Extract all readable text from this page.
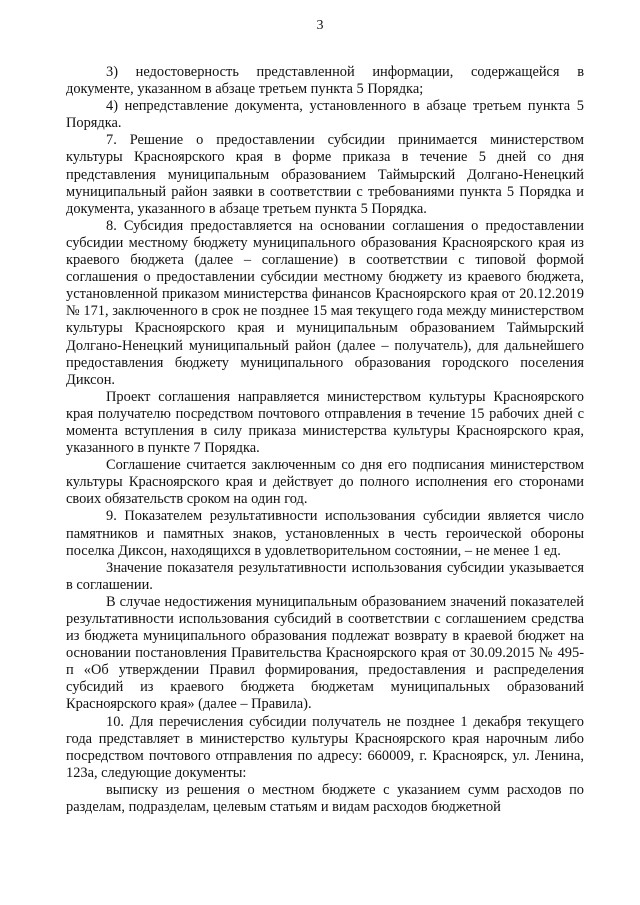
3

3) недостоверность представленной информации, содержащейся в документе, указанном в абзаце третьем пункта 5 Порядка;

4) непредставление документа, установленного в абзаце третьем пункта 5 Порядка.

7. Решение о предоставлении субсидии принимается министерством культуры Красноярского края в форме приказа в течение 5 дней со дня представления муниципальным образованием Таймырский Долгано-Ненецкий муниципальный район заявки в соответствии с требованиями пункта 5 Порядка и документа, указанного в абзаце третьем пункта 5 Порядка.

8. Субсидия предоставляется на основании соглашения о предоставлении субсидии местному бюджету муниципального образования Красноярского края из краевого бюджета (далее – соглашение) в соответствии с типовой формой соглашения о предоставлении субсидии местному бюджету из краевого бюджета, установленной приказом министерства финансов Красноярского края от 20.12.2019 № 171, заключенного в срок не позднее 15 мая текущего года между министерством культуры Красноярского края и муниципальным образованием Таймырский Долгано-Ненецкий муниципальный район (далее – получатель), для дальнейшего предоставления бюджету муниципального образования городского поселения Диксон.

Проект соглашения направляется министерством культуры Красноярского края получателю посредством почтового отправления в течение 15 рабочих дней с момента вступления в силу приказа министерства культуры Красноярского края, указанного в пункте 7 Порядка.

Соглашение считается заключенным со дня его подписания министерством культуры Красноярского края и действует до полного исполнения его сторонами своих обязательств сроком на один год.

9. Показателем результативности использования субсидии является число памятников и памятных знаков, установленных в честь героической обороны поселка Диксон, находящихся в удовлетворительном состоянии, – не менее 1 ед.

Значение показателя результативности использования субсидии указывается в соглашении.

В случае недостижения муниципальным образованием значений показателей результативности использования субсидий в соответствии с соглашением средства из бюджета муниципального образования подлежат возврату в краевой бюджет на основании постановления Правительства Красноярского края от 30.09.2015 № 495-п «Об утверждении Правил формирования, предоставления и распределения субсидий из краевого бюджета бюджетам муниципальных образований Красноярского края» (далее – Правила).

10. Для перечисления субсидии получатель не позднее 1 декабря текущего года представляет в министерство культуры Красноярского края нарочным либо посредством почтового отправления по адресу: 660009, г. Красноярск, ул. Ленина, 123а, следующие документы:

выписку из решения о местном бюджете с указанием сумм расходов по разделам, подразделам, целевым статьям и видам расходов бюджетной
